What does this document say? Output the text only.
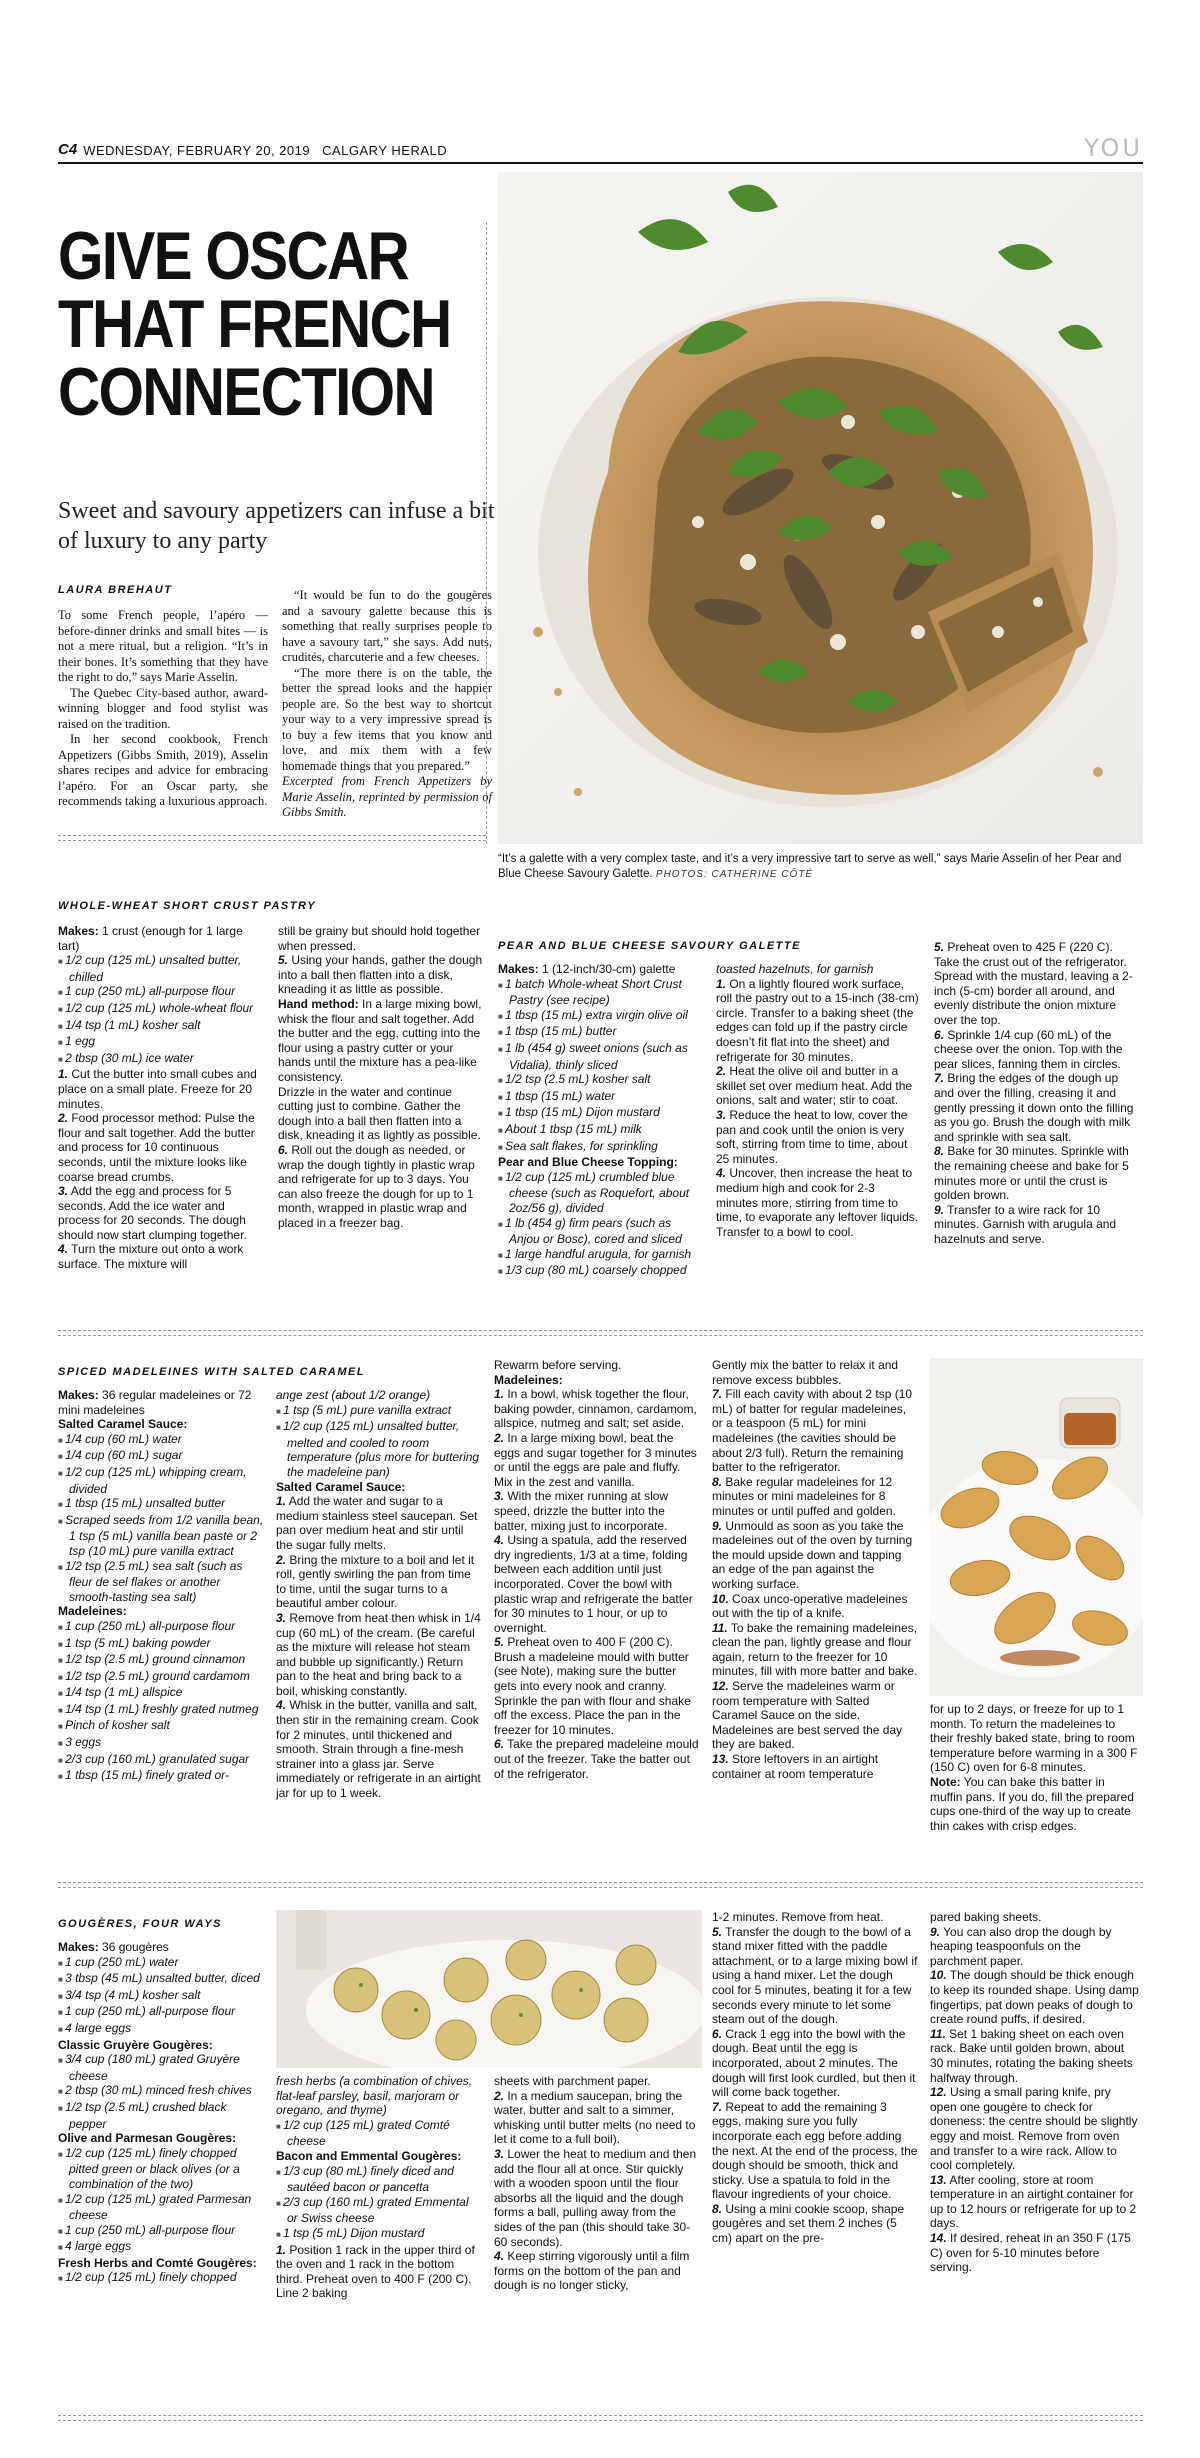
C4 WEDNESDAY, FEBRUARY 20, 2019 CALGARY HERALD	YOU
GIVE OSCAR
THAT FRENCH
CONNECTION
Sweet and savoury appetizers can infuse a bit of luxury to any party
LAURA BREHAUT

To some French people, l’apéro — before-dinner drinks and small bites — is not a mere ritual, but a religion. “It’s in their bones. It’s something that they have the right to do,” says Marie Asselin.

The Quebec City-based author, award-winning blogger and food stylist was raised on the tradition.

In her second cookbook, French Appetizers (Gibbs Smith, 2019), Asselin shares recipes and advice for embracing l’apéro. For an Oscar party, she recommends taking a luxurious approach.

“It would be fun to do the gougères and a savoury galette because this is something that really surprises people to have a savoury tart,” she says. Add nuts, crudités, charcuterie and a few cheeses.

“The more there is on the table, the better the spread looks and the happier people are. So the best way to shortcut your way to a very impressive spread is to buy a few items that you know and love, and mix them with a few homemade things that you prepared.”

Excerpted from French Appetizers by Marie Asselin, reprinted by permission of Gibbs Smith.

“It’s a galette with a very complex taste, and it’s a very impressive tart to serve as well,” says Marie Asselin of her Pear and Blue Cheese Savoury Galette. PHOTOS: CATHERINE CÔTÉ
WHOLE-WHEAT SHORT CRUST PASTRY

Makes: 1 crust (enough for 1 large tart)

■ 1/2 cup (125 mL) unsalted butter, chilled

■ 1 cup (250 mL) all-purpose flour

■ 1/2 cup (125 mL) whole-wheat flour

■ 1/4 tsp (1 mL) kosher salt

■ 1 egg

■ 2 tbsp (30 mL) ice water

1. Cut the butter into small cubes and place on a small plate. Freeze for 20 minutes.

2. Food processor method: Pulse the flour and salt together. Add the butter and process for 10 continuous seconds, until the mixture looks like coarse bread crumbs.

3. Add the egg and process for 5 seconds. Add the ice water and process for 20 seconds. The dough should now start clumping together.

4. Turn the mixture out onto a work surface. The mixture will

still be grainy but should hold together when pressed.

5. Using your hands, gather the dough into a ball then flatten into a disk, kneading it as little as possible.

Hand method: In a large mixing bowl, whisk the flour and salt together. Add the butter and the egg, cutting into the flour using a pastry cutter or your hands until the mixture has a pea-like consistency.

Drizzle in the water and continue cutting just to combine. Gather the dough into a ball then flatten into a disk, kneading it as lightly as possible.

6. Roll out the dough as needed, or wrap the dough tightly in plastic wrap and refrigerate for up to 3 days. You can also freeze the dough for up to 1 month, wrapped in plastic wrap and placed in a freezer bag.

PEAR AND BLUE CHEESE SAVOURY GALETTE

Makes: 1 (12-inch/30-cm) galette

■ 1 batch Whole-wheat Short Crust Pastry (see recipe)

■ 1 tbsp (15 mL) extra virgin olive oil

■ 1 tbsp (15 mL) butter

■ 1 lb (454 g) sweet onions (such as Vidalia), thinly sliced

■ 1/2 tsp (2.5 mL) kosher salt

■ 1 tbsp (15 mL) water

■ 1 tbsp (15 mL) Dijon mustard

■ About 1 tbsp (15 mL) milk

■ Sea salt flakes, for sprinkling

Pear and Blue Cheese Topping:

■ 1/2 cup (125 mL) crumbled blue cheese (such as Roquefort, about 2oz/56 g), divided

■ 1 lb (454 g) firm pears (such as Anjou or Bosc), cored and sliced

■ 1 large handful arugula, for garnish

■ 1/3 cup (80 mL) coarsely chopped

toasted hazelnuts, for garnish

1. On a lightly floured work surface, roll the pastry out to a 15-inch (38-cm) circle. Transfer to a baking sheet (the edges can fold up if the pastry circle doesn’t fit flat into the sheet) and refrigerate for 30 minutes.

2. Heat the olive oil and butter in a skillet set over medium heat. Add the onions, salt and water; stir to coat.

3. Reduce the heat to low, cover the pan and cook until the onion is very soft, stirring from time to time, about 25 minutes.

4. Uncover, then increase the heat to medium high and cook for 2-3 minutes more, stirring from time to time, to evaporate any leftover liquids. Transfer to a bowl to cool.

5. Preheat oven to 425 F (220 C). Take the crust out of the refrigerator. Spread with the mustard, leaving a 2-inch (5-cm) border all around, and evenly distribute the onion mixture over the top.

6. Sprinkle 1/4 cup (60 mL) of the cheese over the onion. Top with the pear slices, fanning them in circles.

7. Bring the edges of the dough up and over the filling, creasing it and gently pressing it down onto the filling as you go. Brush the dough with milk and sprinkle with sea salt.

8. Bake for 30 minutes. Sprinkle with the remaining cheese and bake for 5 minutes more or until the crust is golden brown.

9. Transfer to a wire rack for 10 minutes. Garnish with arugula and hazelnuts and serve.

SPICED MADELEINES WITH SALTED CARAMEL

Makes: 36 regular madeleines or 72 mini madeleines

Salted Caramel Sauce:

■ 1/4 cup (60 mL) water

■ 1/4 cup (60 mL) sugar

■ 1/2 cup (125 mL) whipping cream, divided

■ 1 tbsp (15 mL) unsalted butter

■ Scraped seeds from 1/2 vanilla bean, 1 tsp (5 mL) vanilla bean paste or 2 tsp (10 mL) pure vanilla extract

■ 1/2 tsp (2.5 mL) sea salt (such as fleur de sel flakes or another smooth-tasting sea salt)

Madeleines:

■ 1 cup (250 mL) all-purpose flour

■ 1 tsp (5 mL) baking powder

■ 1/2 tsp (2.5 mL) ground cinnamon

■ 1/2 tsp (2.5 mL) ground cardamom

■ 1/4 tsp (1 mL) allspice

■ 1/4 tsp (1 mL) freshly grated nutmeg

■ Pinch of kosher salt

■ 3 eggs

■ 2/3 cup (160 mL) granulated sugar

■ 1 tbsp (15 mL) finely grated or-

ange zest (about 1/2 orange)

■ 1 tsp (5 mL) pure vanilla extract

■ 1/2 cup (125 mL) unsalted butter, melted and cooled to room temperature (plus more for buttering the madeleine pan)

Salted Caramel Sauce:

1. Add the water and sugar to a medium stainless steel saucepan. Set pan over medium heat and stir until the sugar fully melts.

2. Bring the mixture to a boil and let it roll, gently swirling the pan from time to time, until the sugar turns to a beautiful amber colour.

3. Remove from heat then whisk in 1/4 cup (60 mL) of the cream. (Be careful as the mixture will release hot steam and bubble up significantly.) Return pan to the heat and bring back to a boil, whisking constantly.

4. Whisk in the butter, vanilla and salt, then stir in the remaining cream. Cook for 2 minutes, until thickened and smooth. Strain through a fine-mesh strainer into a glass jar. Serve immediately or refrigerate in an airtight jar for up to 1 week.

Rewarm before serving.

Madeleines:

1. In a bowl, whisk together the flour, baking powder, cinnamon, cardamom, allspice, nutmeg and salt; set aside.

2. In a large mixing bowl, beat the eggs and sugar together for 3 minutes or until the eggs are pale and fluffy. Mix in the zest and vanilla.

3. With the mixer running at slow speed, drizzle the butter into the batter, mixing just to incorporate.

4. Using a spatula, add the reserved dry ingredients, 1/3 at a time, folding between each addition until just incorporated. Cover the bowl with plastic wrap and refrigerate the batter for 30 minutes to 1 hour, or up to overnight.

5. Preheat oven to 400 F (200 C). Brush a madeleine mould with butter (see Note), making sure the butter gets into every nook and cranny. Sprinkle the pan with flour and shake off the excess. Place the pan in the freezer for 10 minutes.

6. Take the prepared madeleine mould out of the freezer. Take the batter out of the refrigerator.

Gently mix the batter to relax it and remove excess bubbles.

7. Fill each cavity with about 2 tsp (10 mL) of batter for regular madeleines, or a teaspoon (5 mL) for mini madeleines (the cavities should be about 2/3 full). Return the remaining batter to the refrigerator.

8. Bake regular madeleines for 12 minutes or mini madeleines for 8 minutes or until puffed and golden.

9. Unmould as soon as you take the madeleines out of the oven by turning the mould upside down and tapping an edge of the pan against the working surface.

10. Coax unco-operative madeleines out with the tip of a knife.

11. To bake the remaining madeleines, clean the pan, lightly grease and flour again, return to the freezer for 10 minutes, fill with more batter and bake.

12. Serve the madeleines warm or room temperature with Salted Caramel Sauce on the side. Madeleines are best served the day they are baked.

13. Store leftovers in an airtight container at room temperature

for up to 2 days, or freeze for up to 1 month. To return the madeleines to their freshly baked state, bring to room temperature before warming in a 300 F (150 C) oven for 6-8 minutes.

Note: You can bake this batter in muffin pans. If you do, fill the prepared cups one-third of the way up to create thin cakes with crisp edges.

GOUGÈRES, FOUR WAYS

Makes: 36 gougères

■ 1 cup (250 mL) water

■ 3 tbsp (45 mL) unsalted butter, diced

■ 3/4 tsp (4 mL) kosher salt

■ 1 cup (250 mL) all-purpose flour

■ 4 large eggs

Classic Gruyère Gougères:

■ 3/4 cup (180 mL) grated Gruyère cheese

■ 2 tbsp (30 mL) minced fresh chives

■ 1/2 tsp (2.5 mL) crushed black pepper

Olive and Parmesan Gougères:

■ 1/2 cup (125 mL) finely chopped pitted green or black olives (or a combination of the two)

■ 1/2 cup (125 mL) grated Parmesan cheese

■ 1 cup (250 mL) all-purpose flour

■ 4 large eggs

Fresh Herbs and Comté Gougères:

■ 1/2 cup (125 mL) finely chopped

fresh herbs (a combination of chives, flat-leaf parsley, basil, marjoram or oregano, and thyme)

■ 1/2 cup (125 mL) grated Comté cheese

Bacon and Emmental Gougères:

■ 1/3 cup (80 mL) finely diced and sautéed bacon or pancetta

■ 2/3 cup (160 mL) grated Emmental or Swiss cheese

■ 1 tsp (5 mL) Dijon mustard

1. Position 1 rack in the upper third of the oven and 1 rack in the bottom third. Preheat oven to 400 F (200 C). Line 2 baking

sheets with parchment paper.

2. In a medium saucepan, bring the water, butter and salt to a simmer, whisking until butter melts (no need to let it come to a full boil).

3. Lower the heat to medium and then add the flour all at once. Stir quickly with a wooden spoon until the flour absorbs all the liquid and the dough forms a ball, pulling away from the sides of the pan (this should take 30-60 seconds).

4. Keep stirring vigorously until a film forms on the bottom of the pan and dough is no longer sticky,

1-2 minutes. Remove from heat.

5. Transfer the dough to the bowl of a stand mixer fitted with the paddle attachment, or to a large mixing bowl if using a hand mixer. Let the dough cool for 5 minutes, beating it for a few seconds every minute to let some steam out of the dough.

6. Crack 1 egg into the bowl with the dough. Beat until the egg is incorporated, about 2 minutes. The dough will first look curdled, but then it will come back together.

7. Repeat to add the remaining 3 eggs, making sure you fully incorporate each egg before adding the next. At the end of the process, the dough should be smooth, thick and sticky. Use a spatula to fold in the flavour ingredients of your choice.

8. Using a mini cookie scoop, shape gougères and set them 2 inches (5 cm) apart on the pre-

pared baking sheets.

9. You can also drop the dough by heaping teaspoonfuls on the parchment paper.

10. The dough should be thick enough to keep its rounded shape. Using damp fingertips, pat down peaks of dough to create round puffs, if desired.

11. Set 1 baking sheet on each oven rack. Bake until golden brown, about 30 minutes, rotating the baking sheets halfway through.

12. Using a small paring knife, pry open one gougère to check for doneness: the centre should be slightly eggy and moist. Remove from oven and transfer to a wire rack. Allow to cool completely.

13. After cooling, store at room temperature in an airtight container for up to 12 hours or refrigerate for up to 2 days.

14. If desired, reheat in an 350 F (175 C) oven for 5-10 minutes before serving.
